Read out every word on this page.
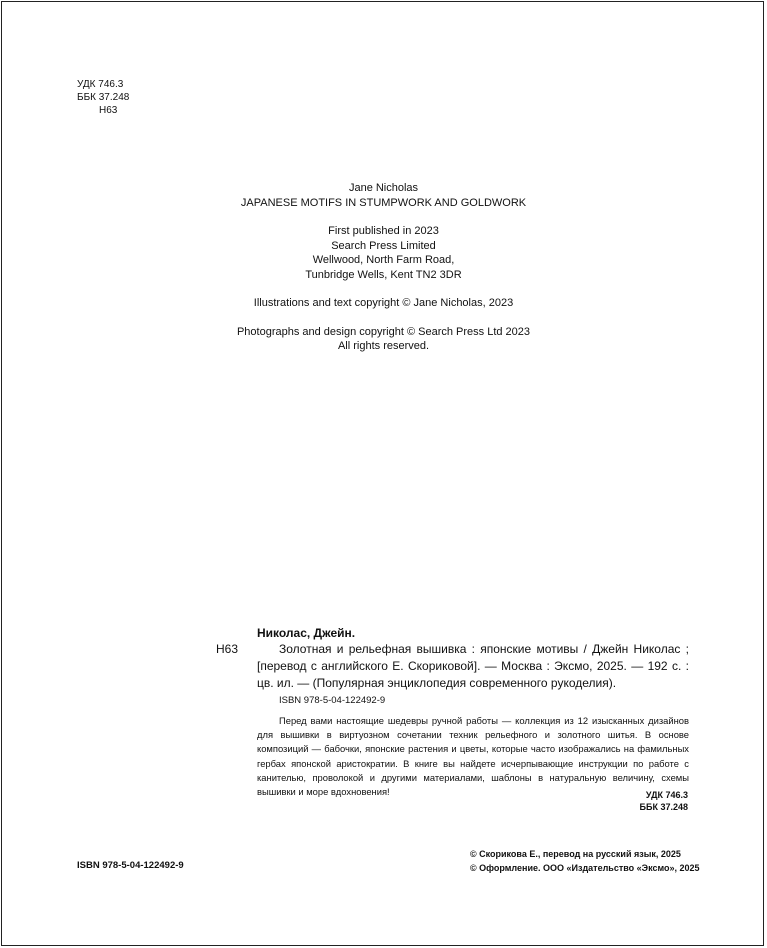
УДК 746.3
ББК 37.248
Н63
Jane Nicholas
JAPANESE MOTIFS IN STUMPWORK AND GOLDWORK
First published in 2023
Search Press Limited
Wellwood, North Farm Road,
Tunbridge Wells, Kent TN2 3DR
Illustrations and text copyright © Jane Nicholas, 2023
Photographs and design copyright © Search Press Ltd 2023
All rights reserved.
Николас, Джейн.
Н63	Золотная и рельефная вышивка : японские мотивы / Джейн Николас ; [перевод с английского Е. Скориковой]. — Москва : Эксмо, 2025. — 192 с. : цв. ил. — (Популярная энциклопедия современного рукоделия).
ISBN 978-5-04-122492-9
Перед вами настоящие шедевры ручной работы — коллекция из 12 изысканных дизайнов для вышивки в виртуозном сочетании техник рельефного и золотного шитья. В основе композиций — бабочки, японские растения и цветы, которые часто изображались на фамильных гербах японской аристократии. В книге вы найдете исчерпывающие инструкции по работе с канителью, проволокой и другими материалами, шаблоны в натуральную величину, схемы вышивки и море вдохновения!	УДК 746.3
ББК 37.248
ISBN 978-5-04-122492-9
© Скорикова Е., перевод на русский язык, 2025
© Оформление. ООО «Издательство «Эксмо», 2025
